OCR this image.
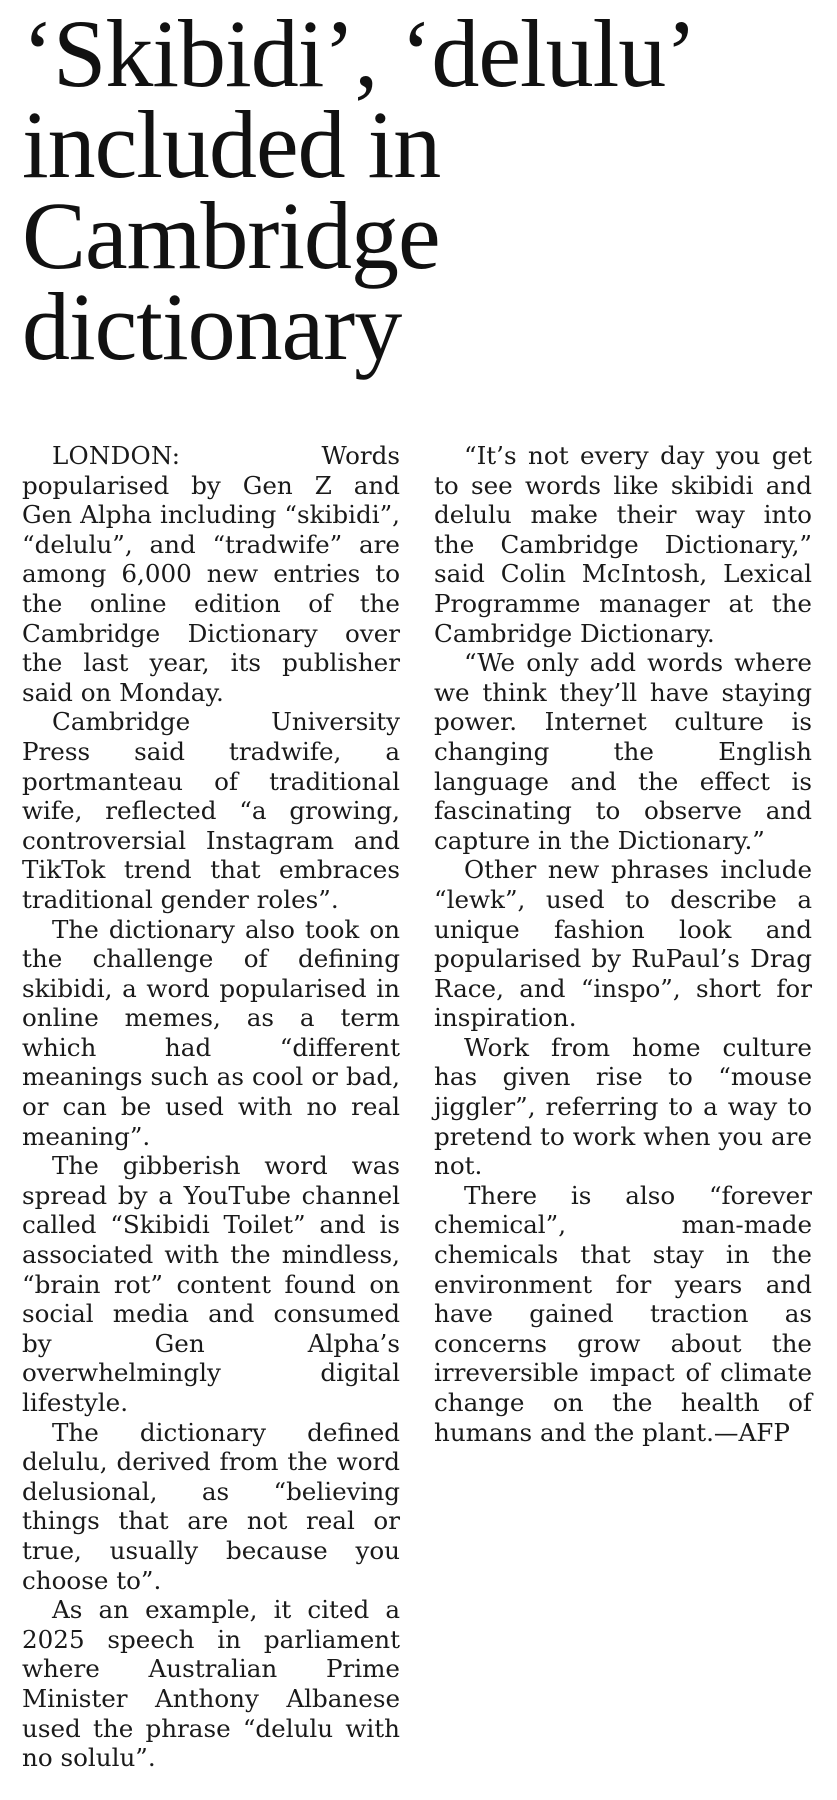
‘Skibidi’, ‘delulu’ included in Cambridge dictionary

LONDON: Words popularised by Gen Z and Gen Alpha including “skibidi”, “delulu”, and “tradwife” are among 6,000 new entries to the online edition of the Cambridge Dictionary over the last year, its publisher said on Monday.

Cambridge University Press said tradwife, a portmanteau of traditional wife, reflected “a growing, controversial Instagram and TikTok trend that embraces traditional gender roles”.

The dictionary also took on the challenge of defining skibidi, a word popularised in online memes, as a term which had “different meanings such as cool or bad, or can be used with no real meaning”.

The gibberish word was spread by a YouTube channel called “Skibidi Toilet” and is associated with the mindless, “brain rot” content found on social media and consumed by Gen Alpha’s overwhelmingly digital lifestyle.

The dictionary defined delulu, derived from the word delusional, as “believing things that are not real or true, usually because you choose to”.

As an example, it cited a 2025 speech in parliament where Australian Prime Minister Anthony Albanese used the phrase “delulu with no solulu”.

“It’s not every day you get to see words like skibidi and delulu make their way into the Cambridge Dictionary,” said Colin McIntosh, Lexical Programme manager at the Cambridge Dictionary.

“We only add words where we think they’ll have staying power. Internet culture is changing the English language and the effect is fascinating to observe and capture in the Dictionary.”

Other new phrases include “lewk”, used to describe a unique fashion look and popularised by RuPaul’s Drag Race, and “inspo”, short for inspiration.

Work from home culture has given rise to “mouse jiggler”, referring to a way to pretend to work when you are not.

There is also “forever chemical”, man-made chemicals that stay in the environment for years and have gained traction as concerns grow about the irreversible impact of climate change on the health of humans and the plant.—AFP
